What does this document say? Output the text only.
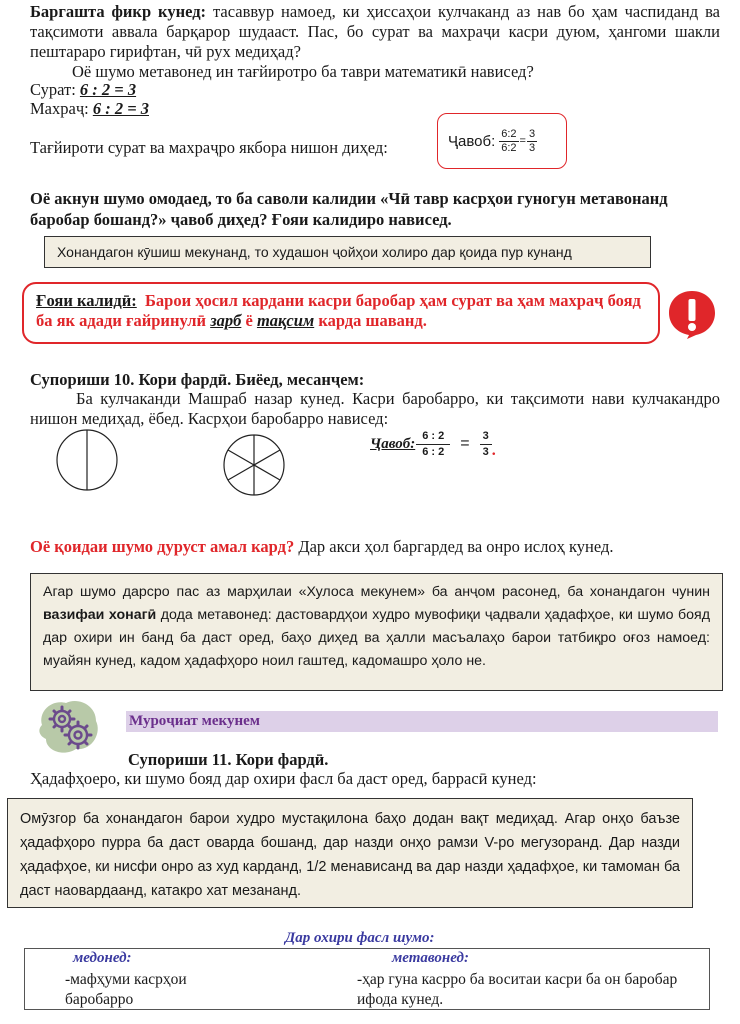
Баргашта фикр кунед: тасаввур намоед, ки ҳиссаҳои кулчаканд аз нав бо ҳам часпиданд ва тақсимоти аввала барқарор шудааст. Пас, бо сурат ва махраҷи касри дуюм, ҳангоми шакли пештараро гирифтан, чӣ рух медиҳад?

Оё шумо метавонед ин тағйиротро ба таври математикӣ нависед?

Сурат: 6 : 2 = 3

Махраҷ: 6 : 2 = 3

Тағйироти сурат ва махраҷро якбора нишон диҳед:	Ҷавоб: $\frac{6:2}{6:2} = \frac{3}{3}$

Оё акнун шумо омодаед, то ба саволи калидии «Чӣ тавр касрҳои гуногун метавонанд баробар бошанд?» ҷавоб диҳед? Ғояи калидиро нависед.

Хонандагон кӯшиш мекунанд, то худашон ҷойҳои холиро дар қоида пур кунанд

Ғояи калидӣ: Барои ҳосил кардани касри баробар ҳам сурат ва ҳам махраҷ бояд ба як адади ғайринулӣ зарб ё тақсим карда шаванд.

Супориши 10. Кори фардӣ. Биёед, месанҷем:

Ба кулчаканди Машраб назар кунед. Касри баробарро, ки тақсимоти нави кулчакандро нишон медиҳад, ёбед. Касрҳои баробарро нависед:

Ҷавоб: $\frac{6 : 2}{6 : 2} = \frac{3}{3}$ .

Оё қоидаи шумо дуруст амал кард? Дар акси ҳол баргардед ва онро ислоҳ кунед.

Агар шумо дарсро пас аз марҳилаи «Хулоса мекунем» ба анҷом расонед, ба хонандагон чунин вазифаи хонагӣ дода метавонед: дастовардҳои худро мувофиқи ҷадвали ҳадафҳое, ки шумо бояд дар охири ин банд ба даст оред, баҳо диҳед ва ҳалли масъалаҳо барои татбиқро оғоз намоед: муайян кунед, кадом ҳадафҳоро ноил гаштед, кадомашро ҳоло не.
Муроҷиат мекунем

Супориши 11. Кори фардӣ.

Ҳадафҳоеро, ки шумо бояд дар охири фасл ба даст оред, баррасӣ кунед:

Омӯзгор ба хонандагон барои худро мустақилона баҳо додан вақт медиҳад. Агар онҳо баъзе ҳадафҳоро пурра ба даст оварда бошанд, дар назди онҳо рамзи V-ро мегузоранд. Дар назди ҳадафҳое, ки нисфи онро аз худ карданд, 1/2 менависанд ва дар назди ҳадафҳое, ки тамоман ба даст наовардаанд, катакро хат мезананд.

Дар охири фасл шумо:

медонед:	метавонед:

-мафҳуми касрҳои баробарро

-ҳар гуна касрро ба воситаи касри ба он баробар ифода кунед.
